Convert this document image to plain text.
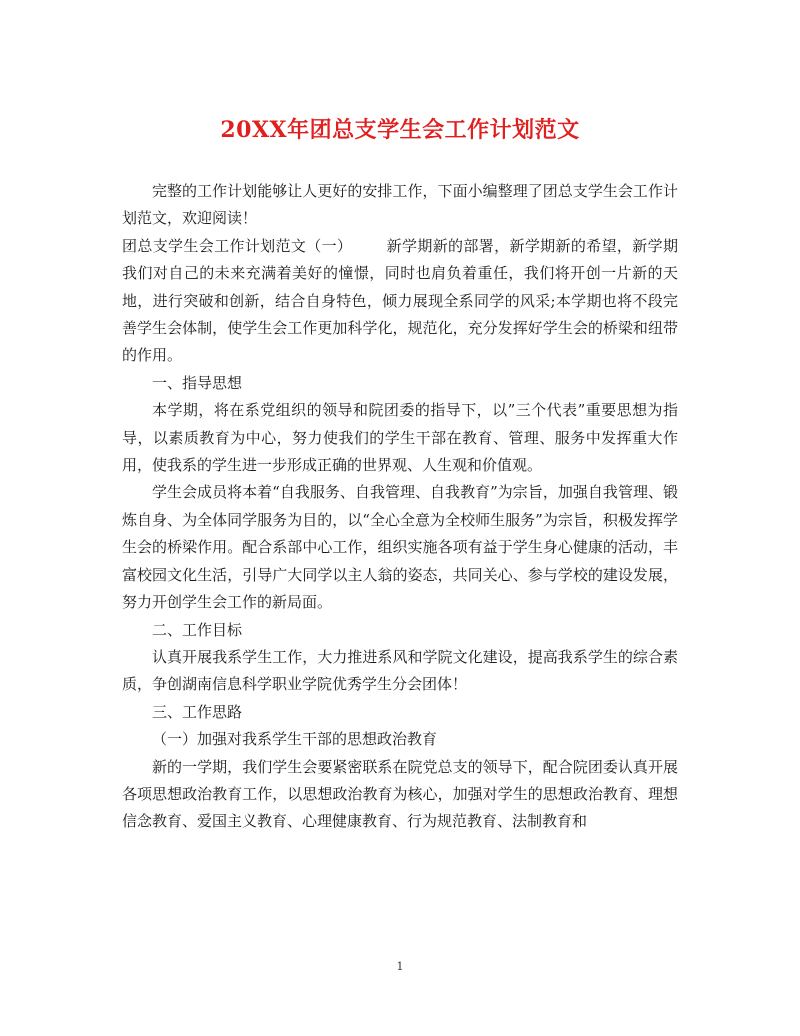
20XX年团总支学生会工作计划范文

完整的工作计划能够让人更好的安排工作，下面小编整理了团总支学生会工作计划范文，欢迎阅读！

团总支学生会工作计划范文（一） 新学期新的部署，新学期新的希望，新学期我们对自己的未来充满着美好的憧憬，同时也肩负着重任，我们将开创一片新的天地，进行突破和创新，结合自身特色，倾力展现全系同学的风采;本学期也将不段完善学生会体制，使学生会工作更加科学化，规范化，充分发挥好学生会的桥梁和纽带的作用。

一、指导思想

本学期，将在系党组织的领导和院团委的指导下，以”三个代表”重要思想为指导，以素质教育为中心，努力使我们的学生干部在教育、管理、服务中发挥重大作用，使我系的学生进一步形成正确的世界观、人生观和价值观。

学生会成员将本着“自我服务、自我管理、自我教育”为宗旨，加强自我管理、锻炼自身、为全体同学服务为目的，以“全心全意为全校师生服务”为宗旨，积极发挥学生会的桥梁作用。配合系部中心工作，组织实施各项有益于学生身心健康的活动，丰富校园文化生活，引导广大同学以主人翁的姿态，共同关心、参与学校的建设发展，努力开创学生会工作的新局面。

二、工作目标

认真开展我系学生工作，大力推进系风和学院文化建设，提高我系学生的综合素质，争创湖南信息科学职业学院优秀学生分会团体！

三、工作思路

（一）加强对我系学生干部的思想政治教育

新的一学期，我们学生会要紧密联系在院党总支的领导下，配合院团委认真开展各项思想政治教育工作，以思想政治教育为核心，加强对学生的思想政治教育、理想信念教育、爱国主义教育、心理健康教育、行为规范教育、法制教育和

1
